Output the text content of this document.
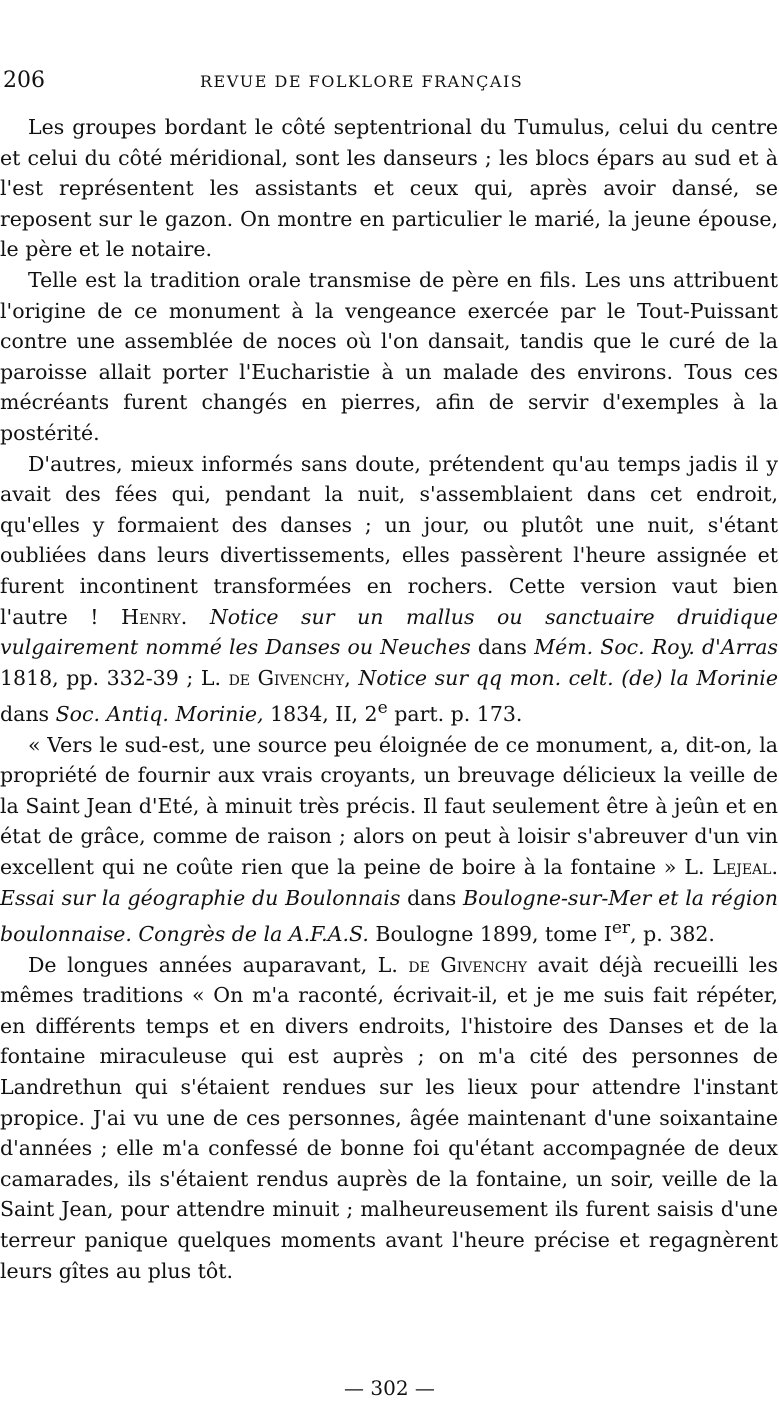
206	REVUE DE FOLKLORE FRANÇAIS

Les groupes bordant le côté septentrional du Tumulus, celui du centre et celui du côté méridional, sont les danseurs ; les blocs épars au sud et à l'est représentent les assistants et ceux qui, après avoir dansé, se reposent sur le gazon. On montre en particulier le marié, la jeune épouse, le père et le notaire.

Telle est la tradition orale transmise de père en fils. Les uns attribuent l'origine de ce monument à la vengeance exercée par le Tout-Puissant contre une assemblée de noces où l'on dansait, tandis que le curé de la paroisse allait porter l'Eucharistie à un malade des environs. Tous ces mécréants furent changés en pierres, afin de servir d'exemples à la postérité.

D'autres, mieux informés sans doute, prétendent qu'au temps jadis il y avait des fées qui, pendant la nuit, s'assemblaient dans cet endroit, qu'elles y formaient des danses ; un jour, ou plutôt une nuit, s'étant oubliées dans leurs divertissements, elles passèrent l'heure assignée et furent incontinent transformées en rochers. Cette version vaut bien l'autre ! Henry. Notice sur un mallus ou sanctuaire druidique vulgairement nommé les Danses ou Neuches dans Mém. Soc. Roy. d'Arras 1818, pp. 332-39 ; L. de Givenchy, Notice sur qq mon. celt. (de) la Morinie dans Soc. Antiq. Morinie, 1834, II, 2e part. p. 173.

« Vers le sud-est, une source peu éloignée de ce monument, a, dit-on, la propriété de fournir aux vrais croyants, un breuvage délicieux la veille de la Saint Jean d'Eté, à minuit très précis. Il faut seulement être à jeûn et en état de grâce, comme de raison ; alors on peut à loisir s'abreuver d'un vin excellent qui ne coûte rien que la peine de boire à la fontaine » L. Lejeal. Essai sur la géographie du Boulonnais dans Boulogne-sur-Mer et la région boulonnaise. Congrès de la A.F.A.S. Boulogne 1899, tome Ier, p. 382.

De longues années auparavant, L. de Givenchy avait déjà recueilli les mêmes traditions « On m'a raconté, écrivait-il, et je me suis fait répéter, en différents temps et en divers endroits, l'histoire des Danses et de la fontaine miraculeuse qui est auprès ; on m'a cité des personnes de Landrethun qui s'étaient rendues sur les lieux pour attendre l'instant propice. J'ai vu une de ces personnes, âgée maintenant d'une soixantaine d'années ; elle m'a confessé de bonne foi qu'étant accompagnée de deux camarades, ils s'étaient rendus auprès de la fontaine, un soir, veille de la Saint Jean, pour attendre minuit ; malheureusement ils furent saisis d'une terreur panique quelques moments avant l'heure précise et regagnèrent leurs gîtes au plus tôt.

— 302 —
